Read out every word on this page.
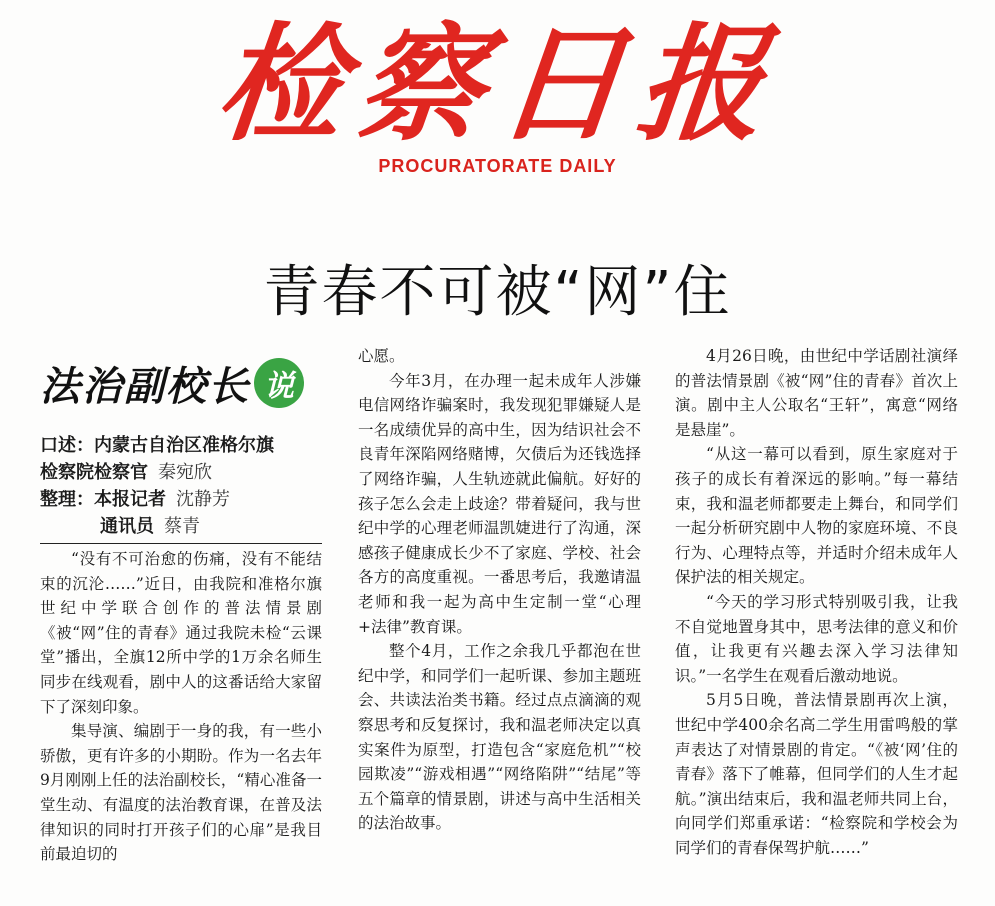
检察日报
PROCURATORATE DAILY
青春不可被“网”住
法治副校长 说
口述：内蒙古自治区准格尔旗
检察院检察官 秦宛欣
整理：本报记者 沈静芳
通讯员 蔡青

“没有不可治愈的伤痛，没有不能结束的沉沦……”近日，由我院和准格尔旗世纪中学联合创作的普法情景剧《被“网”住的青春》通过我院未检“云课堂”播出，全旗12所中学的1万余名师生同步在线观看，剧中人的这番话给大家留下了深刻印象。

集导演、编剧于一身的我，有一些小骄傲，更有许多的小期盼。作为一名去年9月刚刚上任的法治副校长，“精心准备一堂生动、有温度的法治教育课，在普及法律知识的同时打开孩子们的心扉”是我目前最迫切的

心愿。

今年3月，在办理一起未成年人涉嫌电信网络诈骗案时，我发现犯罪嫌疑人是一名成绩优异的高中生，因为结识社会不良青年深陷网络赌博，欠债后为还钱选择了网络诈骗，人生轨迹就此偏航。好好的孩子怎么会走上歧途？带着疑问，我与世纪中学的心理老师温凯婕进行了沟通，深感孩子健康成长少不了家庭、学校、社会各方的高度重视。一番思考后，我邀请温老师和我一起为高中生定制一堂“心理+法律”教育课。

整个4月，工作之余我几乎都泡在世纪中学，和同学们一起听课、参加主题班会、共读法治类书籍。经过点点滴滴的观察思考和反复探讨，我和温老师决定以真实案件为原型，打造包含“家庭危机”“校园欺凌”“游戏相遇”“网络陷阱”“结尾”等五个篇章的情景剧，讲述与高中生活相关的法治故事。

4月26日晚，由世纪中学话剧社演绎的普法情景剧《被“网”住的青春》首次上演。剧中主人公取名“王轩”，寓意“网络是悬崖”。

“从这一幕可以看到，原生家庭对于孩子的成长有着深远的影响。”每一幕结束，我和温老师都要走上舞台，和同学们一起分析研究剧中人物的家庭环境、不良行为、心理特点等，并适时介绍未成年人保护法的相关规定。

“今天的学习形式特别吸引我，让我不自觉地置身其中，思考法律的意义和价值，让我更有兴趣去深入学习法律知识。”一名学生在观看后激动地说。

5月5日晚，普法情景剧再次上演，世纪中学400余名高二学生用雷鸣般的掌声表达了对情景剧的肯定。“《被‘网’住的青春》落下了帷幕，但同学们的人生才起航。”演出结束后，我和温老师共同上台，向同学们郑重承诺：“检察院和学校会为同学们的青春保驾护航……”
